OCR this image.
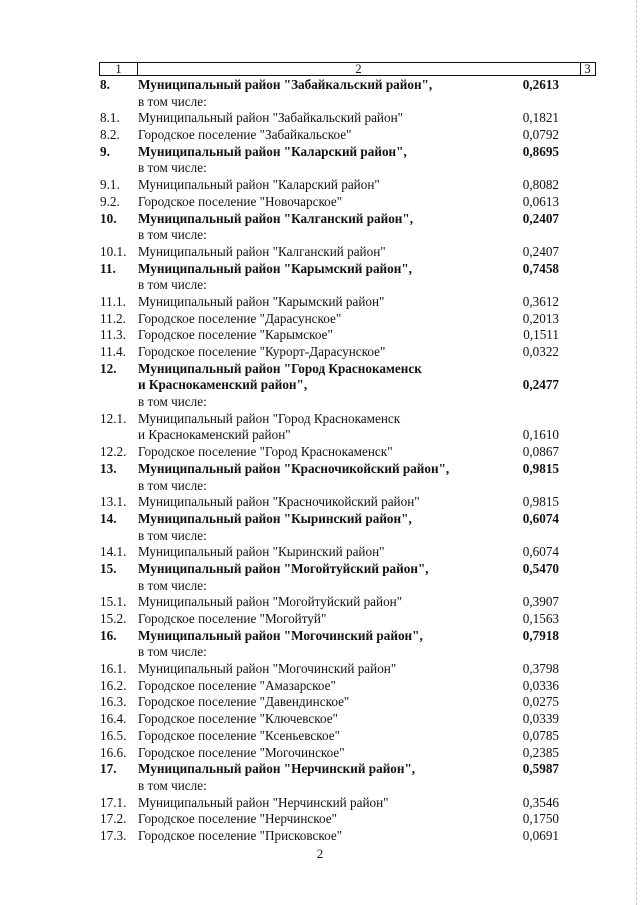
1	2	3
8.	Муниципальный район "Забайкальский район",	0,2613
в том числе:
8.1.	Муниципальный район "Забайкальский район"	0,1821
8.2.	Городское поселение "Забайкальское"	0,0792
9.	Муниципальный район "Каларский район",	0,8695
в том числе:
9.1.	Муниципальный район "Каларский район"	0,8082
9.2.	Городское поселение "Новочарское"	0,0613
10.	Муниципальный район "Калганский район",	0,2407
в том числе:
10.1. Муниципальный район "Калганский район"	0,2407
11.	Муниципальный район "Карымский район",	0,7458
в том числе:
11.1. Муниципальный район "Карымский район"	0,3612
11.2. Городское поселение "Дарасунское"	0,2013
11.3. Городское поселение "Карымское"	0,1511
11.4. Городское поселение "Курорт-Дарасунское"	0,0322
12.	Муниципальный район "Город Краснокаменск
и Краснокаменский район",	0,2477
в том числе:
12.1. Муниципальный район "Город Краснокаменск
и Краснокаменский район"	0,1610
12.2. Городское поселение "Город Краснокаменск"	0,0867
13.	Муниципальный район "Красночикойский район",	0,9815
в том числе:
13.1. Муниципальный район "Красночикойский район"	0,9815
14.	Муниципальный район "Кыринский район",	0,6074
в том числе:
14.1. Муниципальный район "Кыринский район"	0,6074
15.	Муниципальный район "Могойтуйский район",	0,5470
в том числе:
15.1. Муниципальный район "Могойтуйский район"	0,3907
15.2. Городское поселение "Могойтуй"	0,1563
16.	Муниципальный район "Могочинский район",	0,7918
в том числе:
16.1. Муниципальный район "Могочинский район"	0,3798
16.2. Городское поселение "Амазарское"	0,0336
16.3. Городское поселение "Давендинское"	0,0275
16.4. Городское поселение "Ключевское"	0,0339
16.5. Городское поселение "Ксеньевское"	0,0785
16.6. Городское поселение "Могочинское"	0,2385
17.	Муниципальный район "Нерчинский район",	0,5987
в том числе:
17.1. Муниципальный район "Нерчинский район"	0,3546
17.2. Городское поселение "Нерчинское"	0,1750
17.3. Городское поселение "Присковское"	0,0691
2
